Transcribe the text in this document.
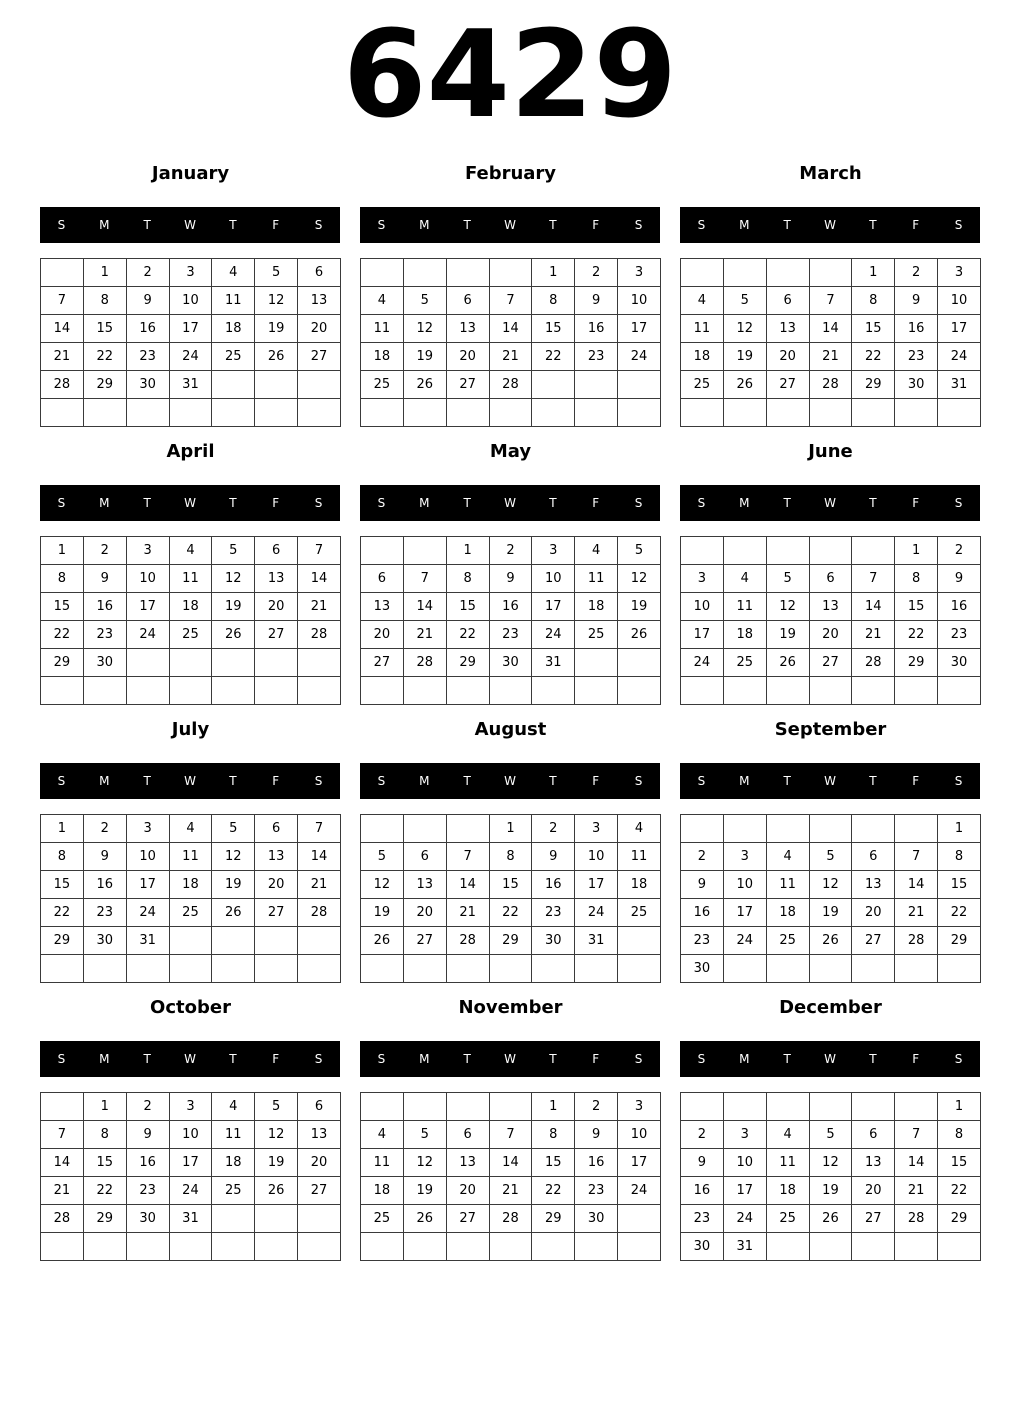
6429
January
S	M	T	W	T	F	S
	1	2	3	4	5	6
7	8	9	10	11	12	13
14	15	16	17	18	19	20
21	22	23	24	25	26	27
28	29	30	31			

February
S	M	T	W	T	F	S
				1	2	3
4	5	6	7	8	9	10
11	12	13	14	15	16	17
18	19	20	21	22	23	24
25	26	27	28			

March
S	M	T	W	T	F	S
				1	2	3
4	5	6	7	8	9	10
11	12	13	14	15	16	17
18	19	20	21	22	23	24
25	26	27	28	29	30	31

April
S	M	T	W	T	F	S
1	2	3	4	5	6	7
8	9	10	11	12	13	14
15	16	17	18	19	20	21
22	23	24	25	26	27	28
29	30					

May
S	M	T	W	T	F	S
		1	2	3	4	5
6	7	8	9	10	11	12
13	14	15	16	17	18	19
20	21	22	23	24	25	26
27	28	29	30	31		

June
S	M	T	W	T	F	S
					1	2
3	4	5	6	7	8	9
10	11	12	13	14	15	16
17	18	19	20	21	22	23
24	25	26	27	28	29	30

July
S	M	T	W	T	F	S
1	2	3	4	5	6	7
8	9	10	11	12	13	14
15	16	17	18	19	20	21
22	23	24	25	26	27	28
29	30	31				

August
S	M	T	W	T	F	S
			1	2	3	4
5	6	7	8	9	10	11
12	13	14	15	16	17	18
19	20	21	22	23	24	25
26	27	28	29	30	31	

September
S	M	T	W	T	F	S
						1
2	3	4	5	6	7	8
9	10	11	12	13	14	15
16	17	18	19	20	21	22
23	24	25	26	27	28	29
30						
October
S	M	T	W	T	F	S
	1	2	3	4	5	6
7	8	9	10	11	12	13
14	15	16	17	18	19	20
21	22	23	24	25	26	27
28	29	30	31			

November
S	M	T	W	T	F	S
				1	2	3
4	5	6	7	8	9	10
11	12	13	14	15	16	17
18	19	20	21	22	23	24
25	26	27	28	29	30	

December
S	M	T	W	T	F	S
						1
2	3	4	5	6	7	8
9	10	11	12	13	14	15
16	17	18	19	20	21	22
23	24	25	26	27	28	29
30	31					
